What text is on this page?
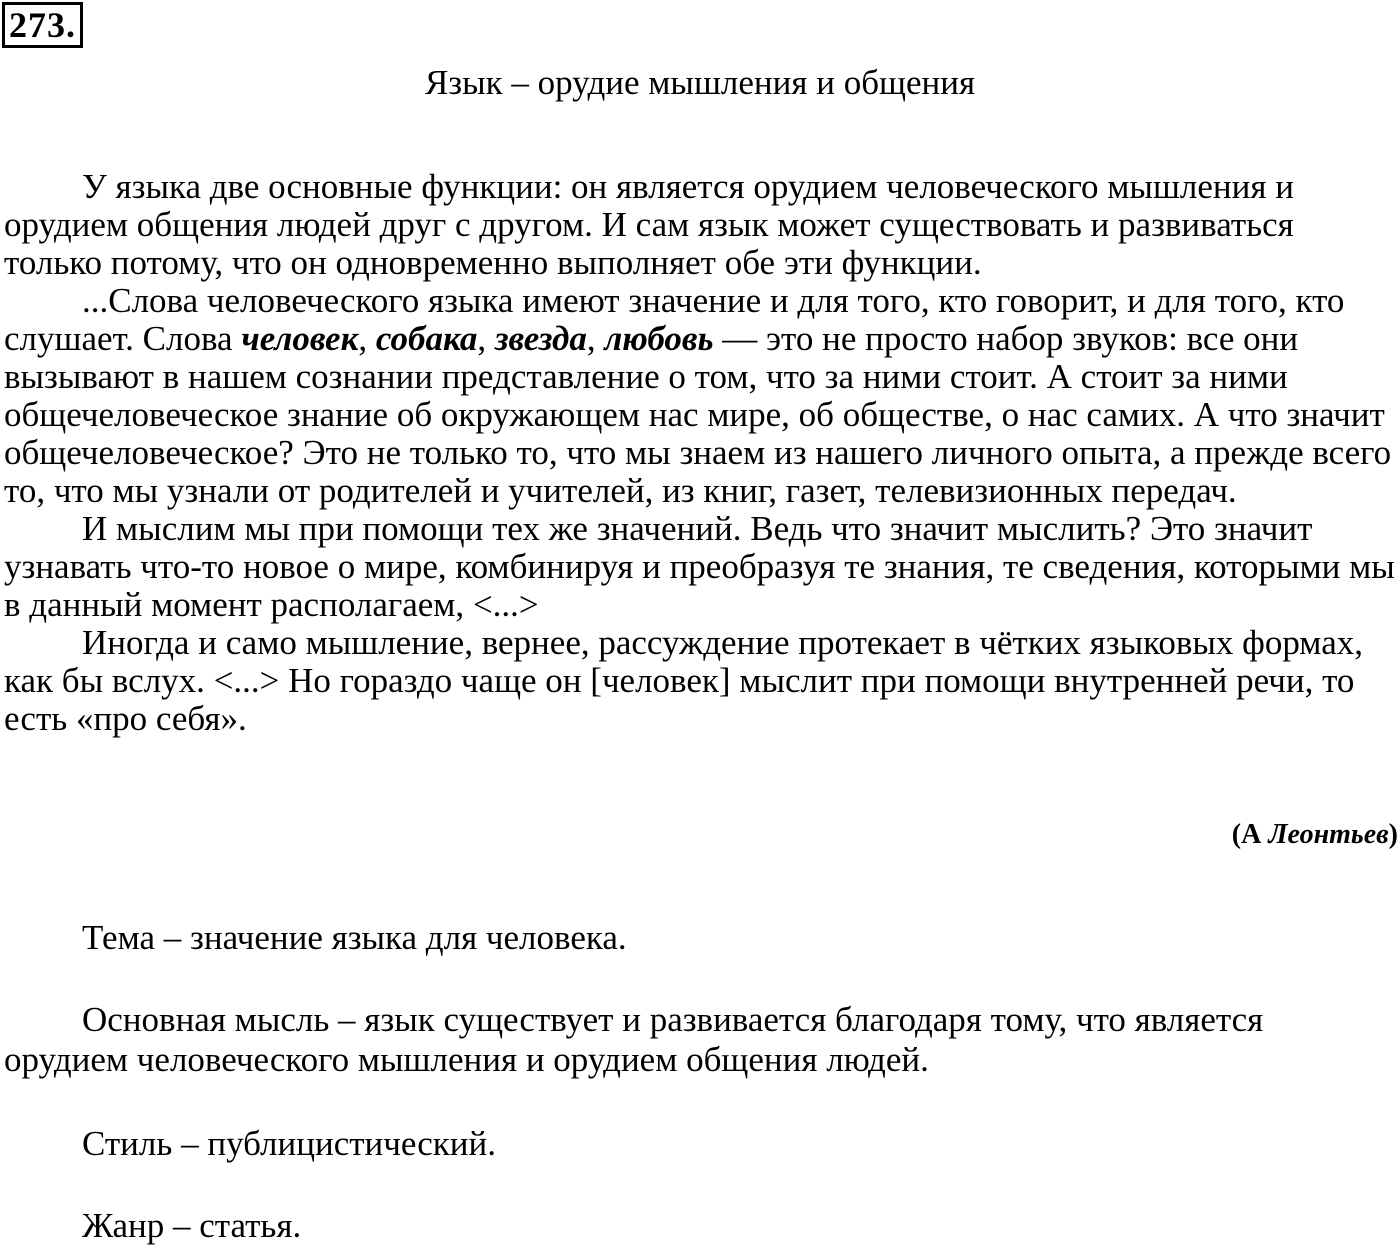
273.
Язык – орудие мышления и общения

У языка две основные функции: он является орудием человеческого мышления и орудием общения людей друг с другом. И сам язык может существовать и развиваться только потому, что он одновременно выполняет обе эти функции.

...Слова человеческого языка имеют значение и для того, кто говорит, и для того, кто слушает. Слова человек, собака, звезда, любовь — это не просто набор звуков: все они вызывают в нашем сознании представление о том, что за ними стоит. А стоит за ними общечеловеческое знание об окружающем нас мире, об обществе, о нас самих. А что значит общечеловеческое? Это не только то, что мы знаем из нашего личного опыта, а прежде всего то, что мы узнали от родителей и учителей, из книг, газет, телевизионных передач.

И мыслим мы при помощи тех же значений. Ведь что значит мыслить? Это значит узнавать что-то новое о мире, комбинируя и преобразуя те знания, те сведения, которыми мы в данный момент располагаем, <...>

Иногда и само мышление, вернее, рассуждение протекает в чётких языковых формах, как бы вслух. <...> Но гораздо чаще он [человек] мыслит при помощи внутренней речи, то есть «про себя».

(А Леонтьев)

Тема – значение языка для человека.

Основная мысль – язык существует и развивается благодаря тому, что является орудием человеческого мышления и орудием общения людей.

Стиль – публицистический.

Жанр – статья.
